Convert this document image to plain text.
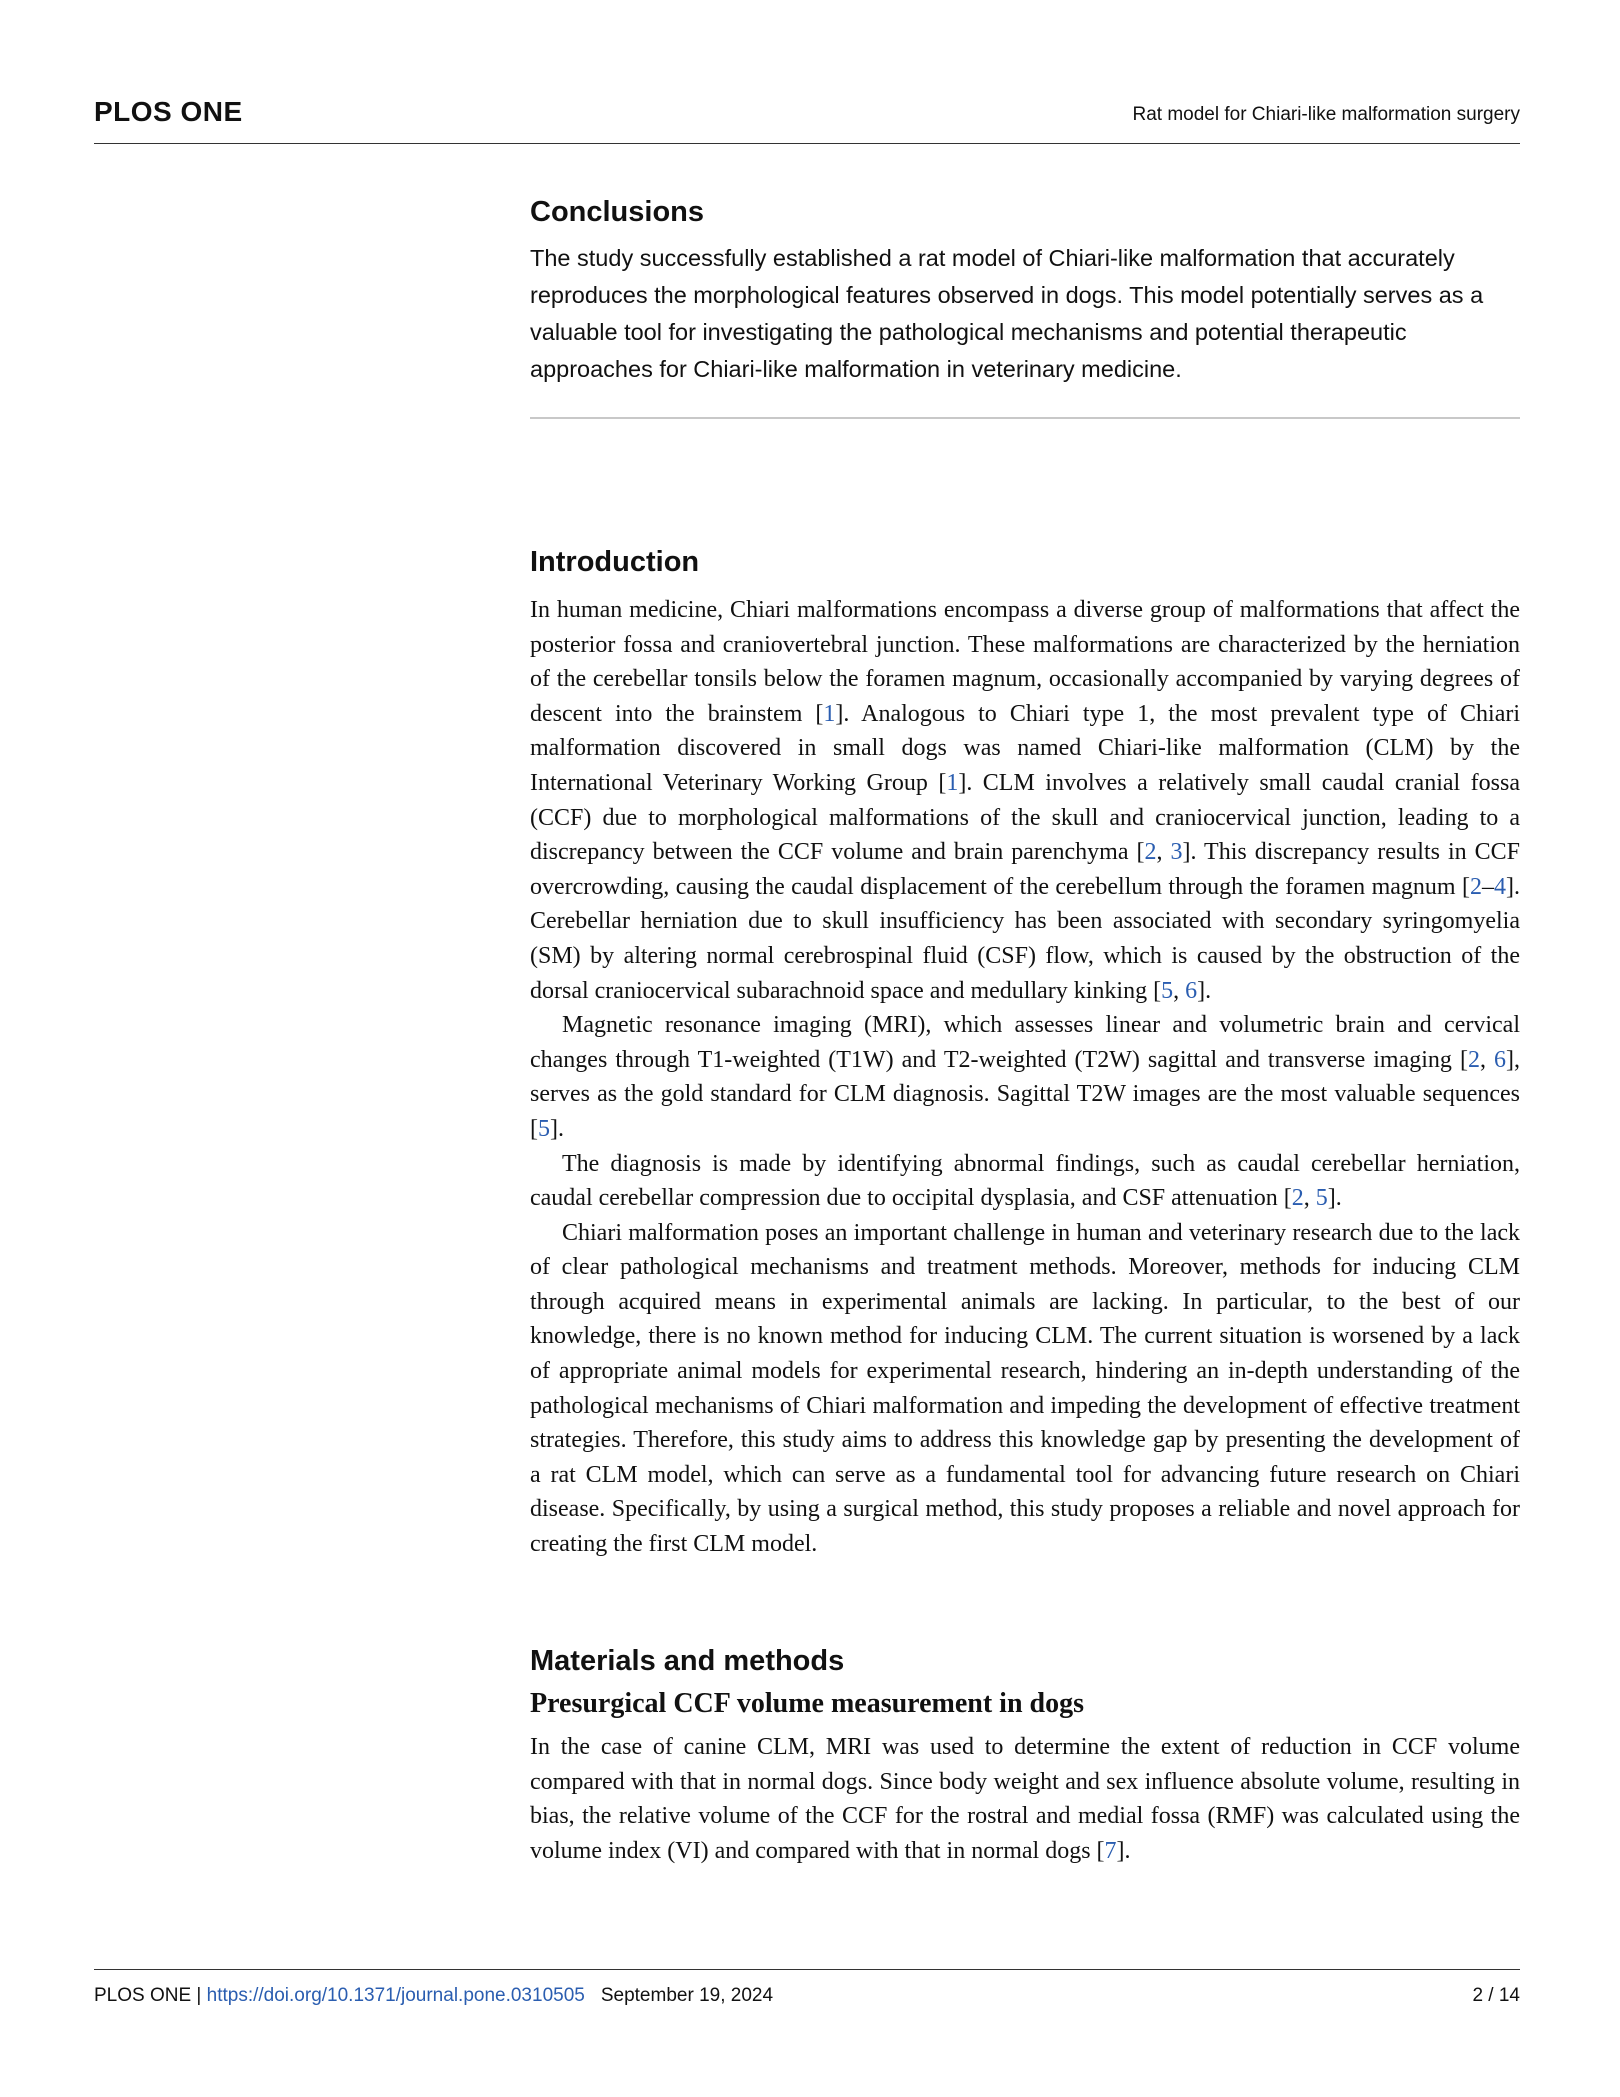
PLOS ONE	Rat model for Chiari-like malformation surgery
Conclusions

The study successfully established a rat model of Chiari-like malformation that accurately reproduces the morphological features observed in dogs. This model potentially serves as a valuable tool for investigating the pathological mechanisms and potential therapeutic approaches for Chiari-like malformation in veterinary medicine.

Introduction

In human medicine, Chiari malformations encompass a diverse group of malformations that affect the posterior fossa and craniovertebral junction. These malformations are characterized by the herniation of the cerebellar tonsils below the foramen magnum, occasionally accompanied by varying degrees of descent into the brainstem [1]. Analogous to Chiari type 1, the most prevalent type of Chiari malformation discovered in small dogs was named Chiari-like malformation (CLM) by the International Veterinary Working Group [1]. CLM involves a relatively small caudal cranial fossa (CCF) due to morphological malformations of the skull and craniocervical junction, leading to a discrepancy between the CCF volume and brain parenchyma [2, 3]. This discrepancy results in CCF overcrowding, causing the caudal displacement of the cerebellum through the foramen magnum [2–4]. Cerebellar herniation due to skull insufficiency has been associated with secondary syringomyelia (SM) by altering normal cerebrospinal fluid (CSF) flow, which is caused by the obstruction of the dorsal craniocervical subarachnoid space and medullary kinking [5, 6].

Magnetic resonance imaging (MRI), which assesses linear and volumetric brain and cervical changes through T1-weighted (T1W) and T2-weighted (T2W) sagittal and transverse imaging [2, 6], serves as the gold standard for CLM diagnosis. Sagittal T2W images are the most valuable sequences [5].

The diagnosis is made by identifying abnormal findings, such as caudal cerebellar herniation, caudal cerebellar compression due to occipital dysplasia, and CSF attenuation [2, 5].

Chiari malformation poses an important challenge in human and veterinary research due to the lack of clear pathological mechanisms and treatment methods. Moreover, methods for inducing CLM through acquired means in experimental animals are lacking. In particular, to the best of our knowledge, there is no known method for inducing CLM. The current situation is worsened by a lack of appropriate animal models for experimental research, hindering an in-depth understanding of the pathological mechanisms of Chiari malformation and impeding the development of effective treatment strategies. Therefore, this study aims to address this knowledge gap by presenting the development of a rat CLM model, which can serve as a fundamental tool for advancing future research on Chiari disease. Specifically, by using a surgical method, this study proposes a reliable and novel approach for creating the first CLM model.

Materials and methods
Presurgical CCF volume measurement in dogs

In the case of canine CLM, MRI was used to determine the extent of reduction in CCF volume compared with that in normal dogs. Since body weight and sex influence absolute volume, resulting in bias, the relative volume of the CCF for the rostral and medial fossa (RMF) was calculated using the volume index (VI) and compared with that in normal dogs [7].

PLOS ONE | https://doi.org/10.1371/journal.pone.0310505 September 19, 2024	2 / 14
